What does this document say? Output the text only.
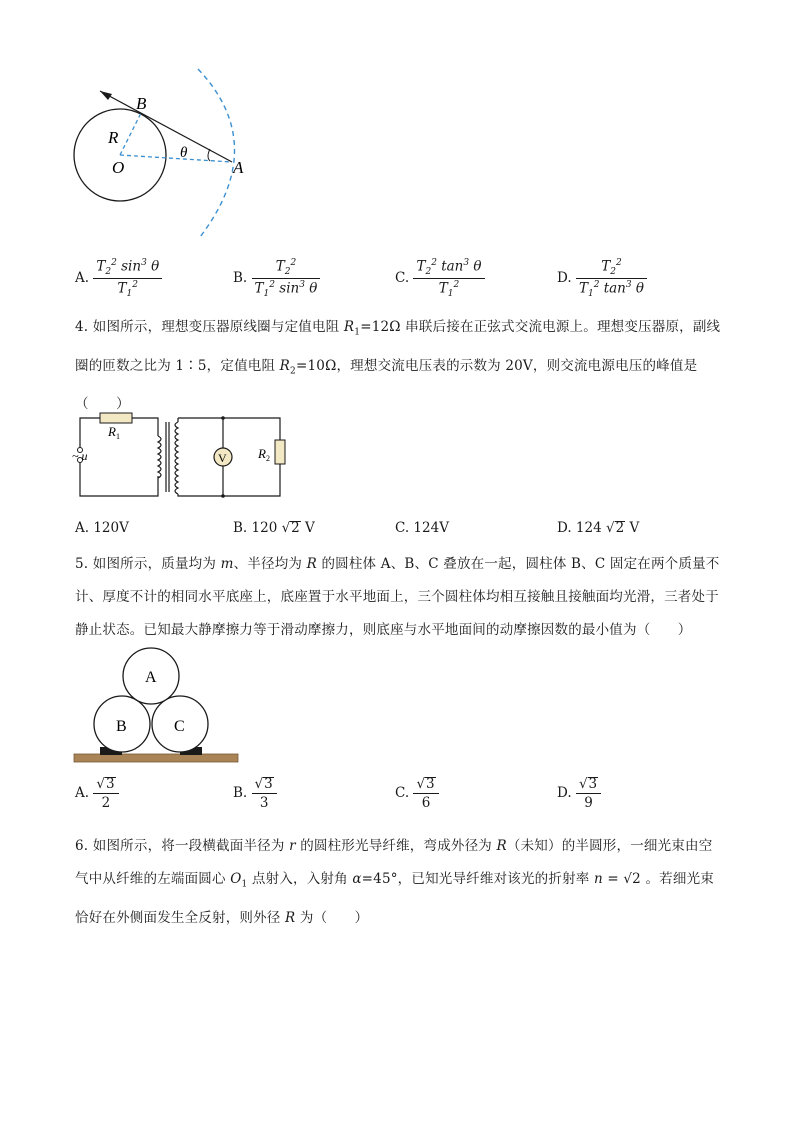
B
R
O
θ
A
A. $\frac{T_2^2 \sin^3 \theta}{T_1^2}$	B. $\frac{T_2^2}{T_1^2 \sin^3 \theta}$	C. $\frac{T_2^2 \tan^3 \theta}{T_1^2}$	D. $\frac{T_2^2}{T_1^2 \tan^3 \theta}$
4. 如图所示，理想变压器原线圈与定值电阻 $R_1=12\Omega$ 串联后接在正弦式交流电源上。理想变压器原，副线圈的匝数之比为 1∶5，定值电阻 $R_2=10\Omega$，理想交流电压表的示数为 20V，则交流电源电压的峰值是（　　）
V
$R_1$
~ u	$R_2$
A. 120V	B. 120 √2 V	C. 124V	D. 124 √2 V
5. 如图所示，质量均为 m、半径均为 R 的圆柱体 A、B、C 叠放在一起，圆柱体 B、C 固定在两个质量不计、厚度不计的相同水平底座上，底座置于水平地面上，三个圆柱体均相互接触且接触面均光滑，三者处于静止状态。已知最大静摩擦力等于滑动摩擦力，则底座与水平地面间的动摩擦因数的最小值为（　　）
A
B	C
A. $\frac{√3}{2}$	B. $\frac{√3}{3}$	C. $\frac{√3}{6}$	D. $\frac{√3}{9}$
6. 如图所示，将一段横截面半径为 r 的圆柱形光导纤维，弯成外径为 R（未知）的半圆形，一细光束由空气中从纤维的左端面圆心 $O_1$ 点射入，入射角 α=45°，已知光导纤维对该光的折射率 n = √2 。若细光束恰好在外侧面发生全反射，则外径 R 为（　　）
